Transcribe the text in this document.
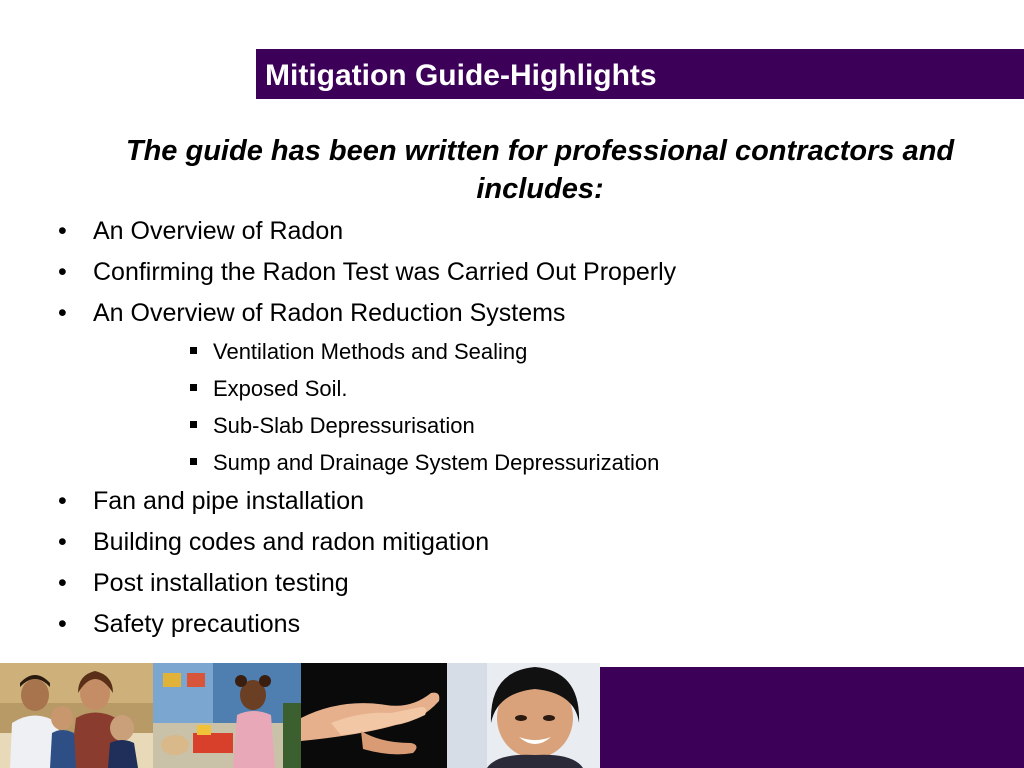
Mitigation Guide-Highlights
The guide has been written for professional contractors and
includes:
• An Overview of Radon
• Confirming the Radon Test was Carried Out Properly
• An Overview of Radon Reduction Systems
Ventilation Methods and Sealing
Exposed Soil.
Sub-Slab Depressurisation
Sump and Drainage System Depressurization
• Fan and pipe installation
• Building codes and radon mitigation
• Post installation testing
• Safety precautions
